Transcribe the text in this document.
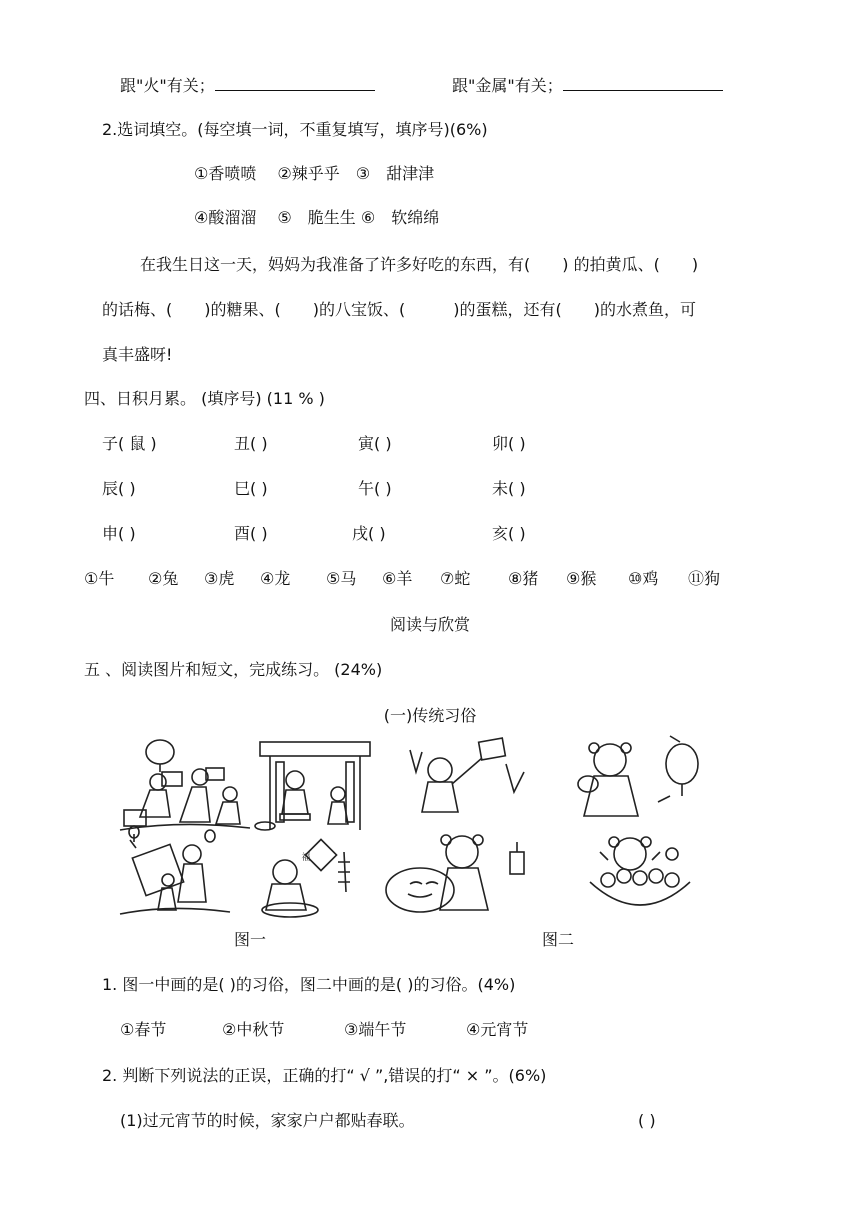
跟"火"有关；	跟"金属"有关；
2.选词填空。(每空填一词，不重复填写，填序号)(6%)
①香喷喷　 ②辣乎乎　③　甜津津
④酸溜溜　 ⑤　脆生生 ⑥　软绵绵
在我生日这一天，妈妈为我准备了许多好吃的东西，有(　　) 的拍黄瓜、(　　)
的话梅、(　　)的糖果、(　　)的八宝饭、(　　　)的蛋糕，还有(　　)的水煮鱼，可
真丰盛呀!
四、日积月累。 (填序号) (11 % )
子( 鼠 )	丑( )	寅( )	卯( )
辰( )	巳( )	午( )	未( )
申( )	酉( )	戌( )	亥( )
①牛 ②兔 ③虎 ④龙 ⑤马 ⑥羊 ⑦蛇 ⑧猪 ⑨猴 ⑩鸡 ⑪狗
阅读与欣赏
五 、阅读图片和短文，完成练习。 (24%)
(一)传统习俗
福
图一	图二
1. 图一中画的是( )的习俗，图二中画的是( )的习俗。(4%)
①春节	②中秋节	③端午节	④元宵节
2. 判断下列说法的正误，正确的打“ √ ”,错误的打“ × ”。(6%)
(1)过元宵节的时候，家家户户都贴春联。	( )
